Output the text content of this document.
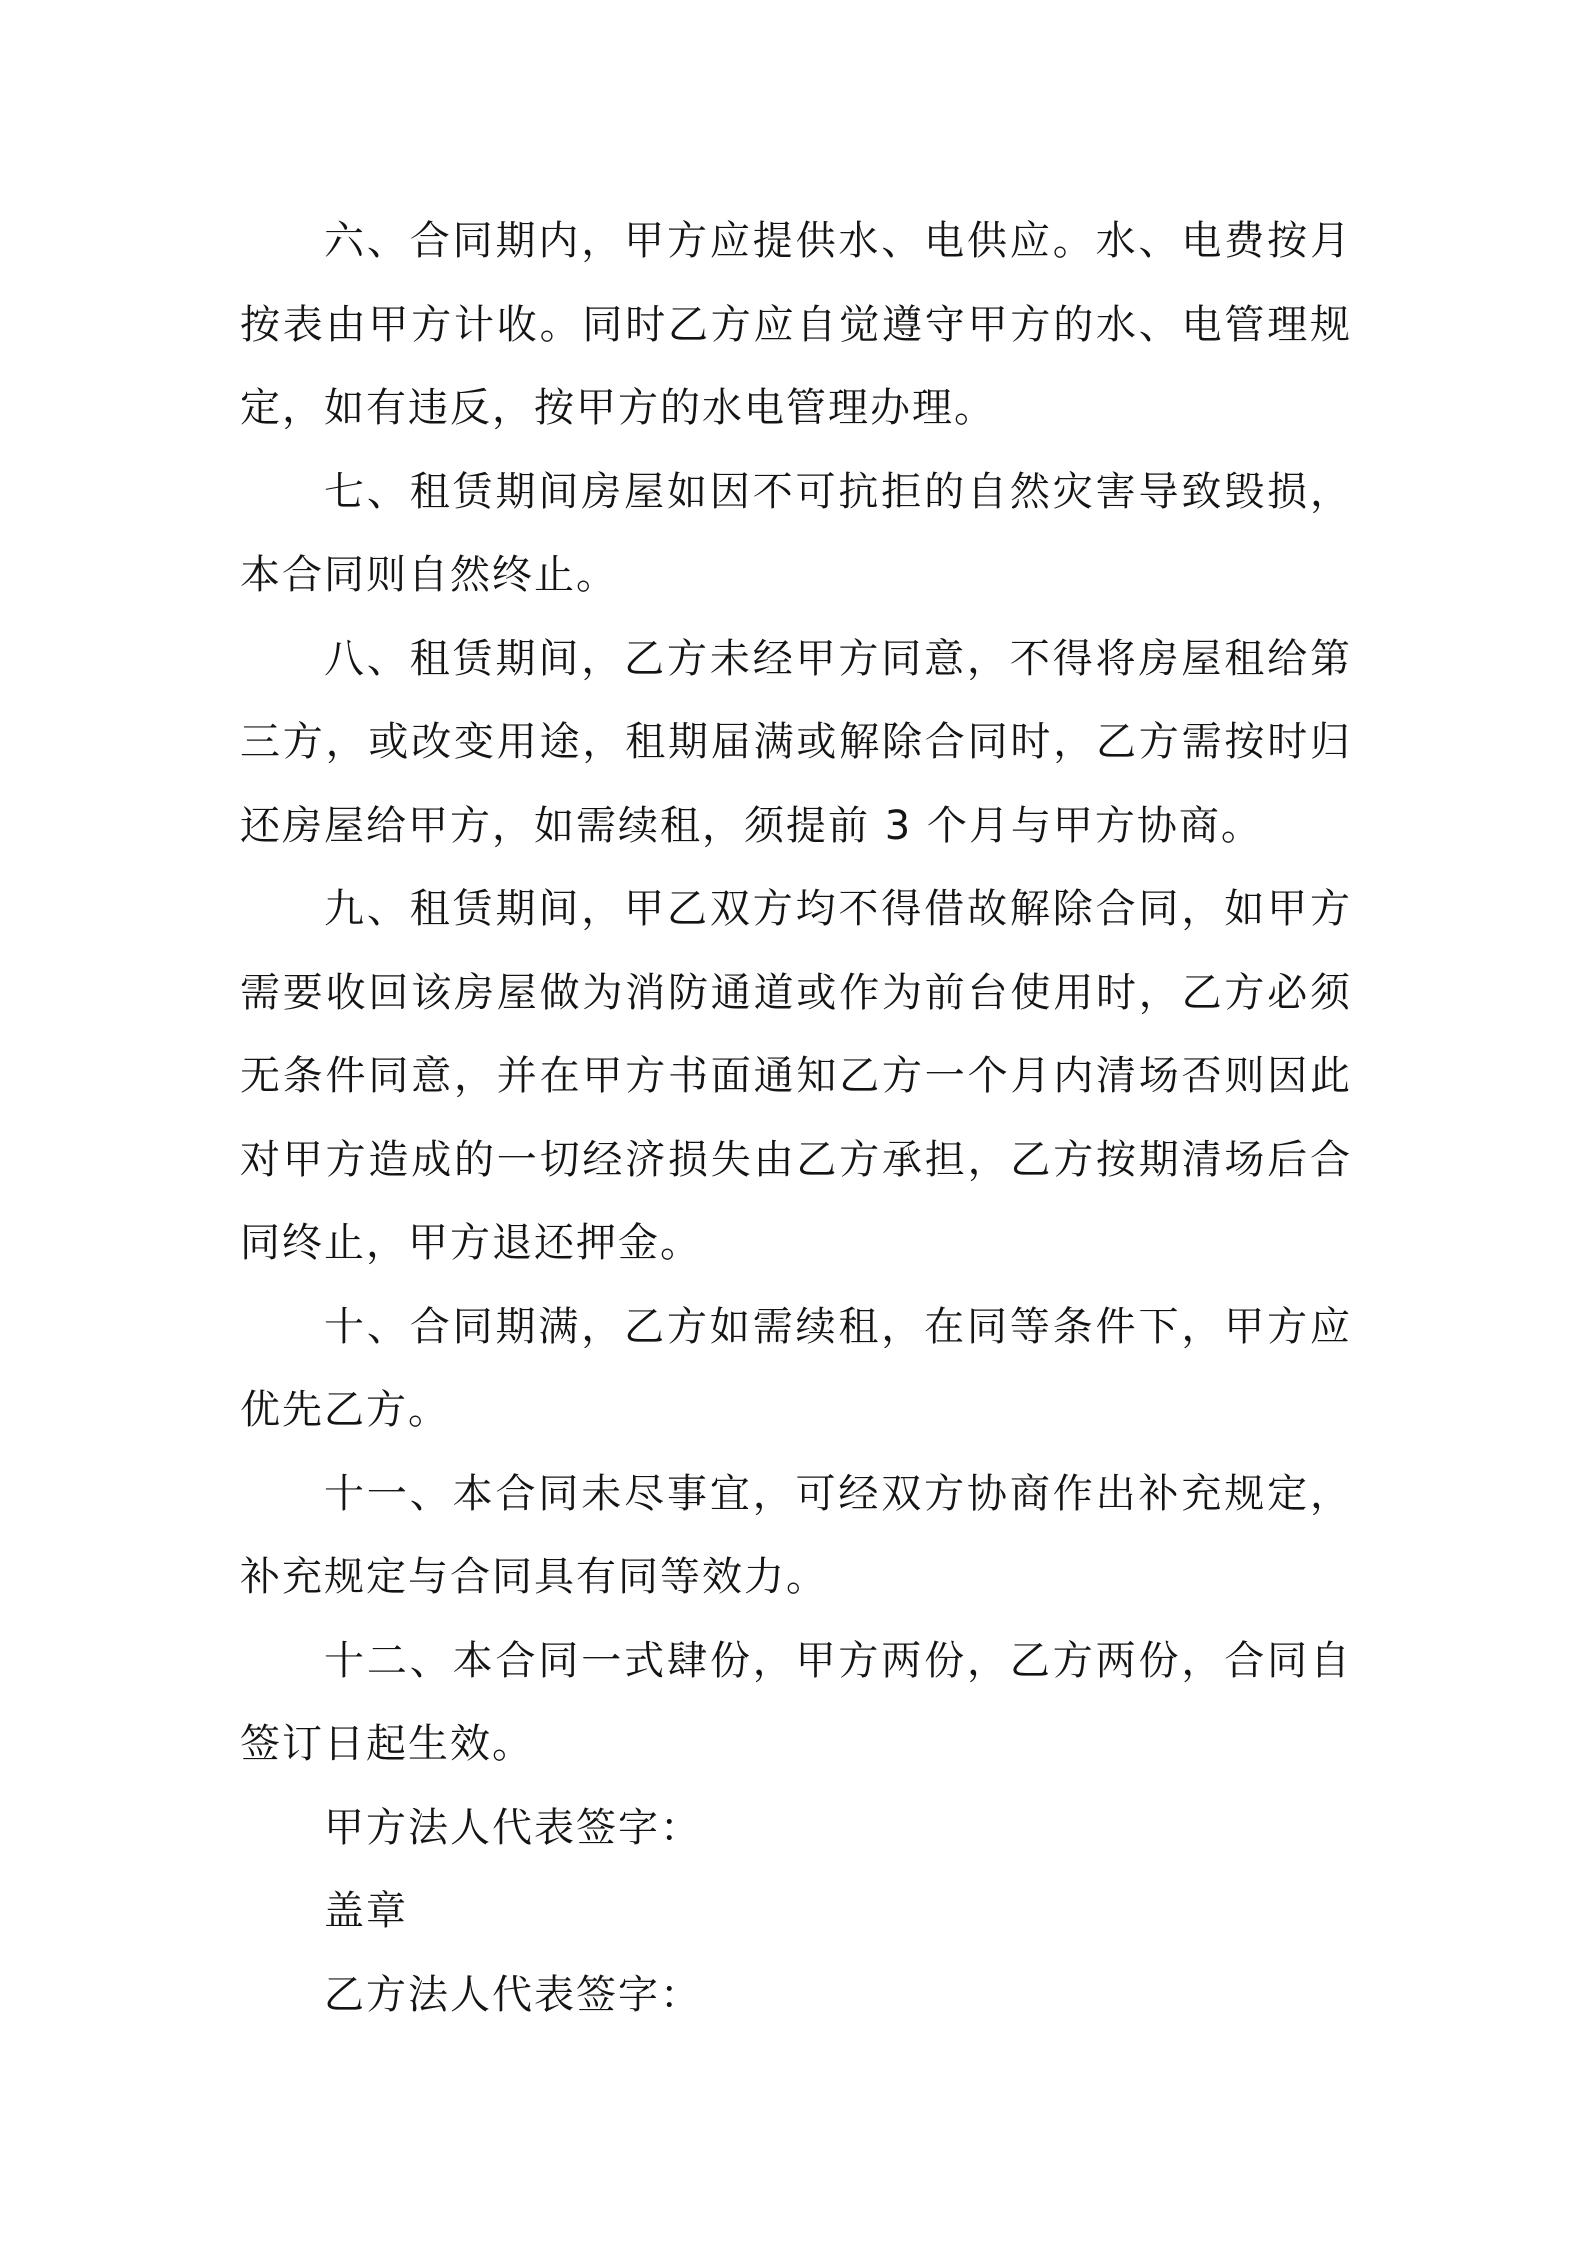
六、合同期内，甲方应提供水、电供应。水、电费按月按表由甲方计收。同时乙方应自觉遵守甲方的水、电管理规定，如有违反，按甲方的水电管理办理。

七、租赁期间房屋如因不可抗拒的自然灾害导致毁损，本合同则自然终止。

八、租赁期间，乙方未经甲方同意，不得将房屋租给第三方，或改变用途，租期届满或解除合同时，乙方需按时归还房屋给甲方，如需续租，须提前 3 个月与甲方协商。

九、租赁期间，甲乙双方均不得借故解除合同，如甲方需要收回该房屋做为消防通道或作为前台使用时，乙方必须无条件同意，并在甲方书面通知乙方一个月内清场否则因此对甲方造成的一切经济损失由乙方承担，乙方按期清场后合同终止，甲方退还押金。

十、合同期满，乙方如需续租，在同等条件下，甲方应优先乙方。

十一、本合同未尽事宜，可经双方协商作出补充规定，补充规定与合同具有同等效力。

十二、本合同一式肆份，甲方两份，乙方两份，合同自签订日起生效。

甲方法人代表签字：

盖章

乙方法人代表签字：
